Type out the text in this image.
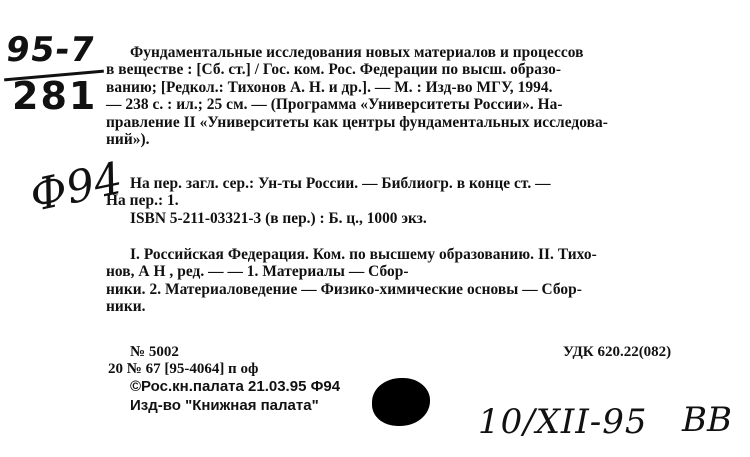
95-7
281
Ф94
Фундаментальные исследования новых материалов и процессов
в веществе : [Сб. ст.] / Гос. ком. Рос. Федерации по высш. образо-
ванию; [Редкол.: Тихонов А. Н. и др.]. — М. : Изд-во МГУ, 1994.
— 238 с. : ил.; 25 см. — (Программа «Университеты России». На-
правление II «Университеты как центры фундаментальных исследова-
ний»).
На пер. загл. сер.: Ун-ты России. — Библиогр. в конце ст. —
На пер.: 1.
ISBN 5-211-03321-3 (в пер.) : Б. ц., 1000 экз.
I. Российская Федерация. Ком. по высшему образованию. II. Тихо-
нов, А Н , ред. — — 1. Материалы — Сбор-
ники. 2. Материаловедение — Физико-химические основы — Сбор-
ники.
№ 5002
20 № 67 [95-4064] п оф
©Рос.кн.палата 21.03.95 Ф94
Изд-во "Книжная палата"
УДК 620.22(082)
10/XII-95 ВВ
